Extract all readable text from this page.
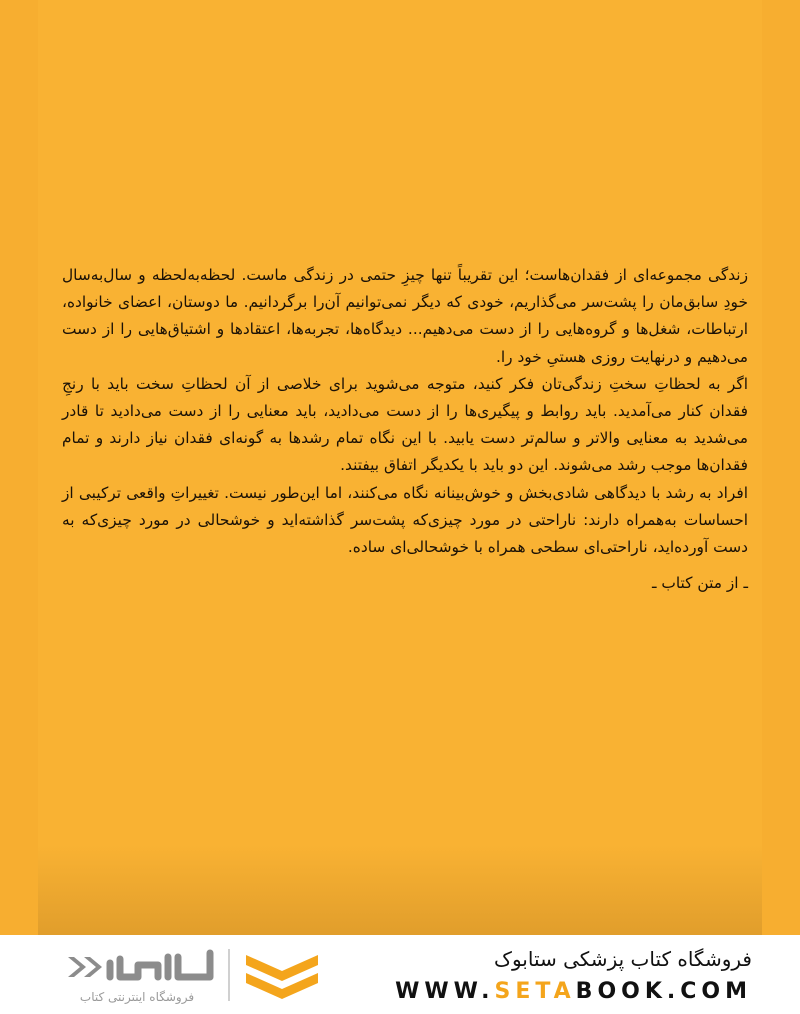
زندگی مجموعه‌ای از فقدان‌هاست؛ این تقریباً تنها چیزِ حتمی در زندگی ماست. لحظه‌به‌لحظه و سال‌به‌سال خودِ سابق‌مان را پشت‌سر می‌گذاریم، خودی که دیگر نمی‌توانیم آن‌را برگردانیم. ما دوستان، اعضای خانواده، ارتباطات، شغل‌ها و گروه‌هایی را از دست می‌دهیم... دیدگاه‌ها، تجربه‌ها، اعتقادها و اشتیاق‌هایی را از دست می‌دهیم و درنهایت روزی هستیِ خود را.

اگر به لحظاتِ سختِ زندگی‌تان فکر کنید، متوجه می‌شوید برای خلاصی از آن لحظاتِ سخت باید با رنجِ فقدان کنار می‌آمدید. باید روابط و پیگیری‌ها را از دست می‌دادید، باید معنایی را از دست می‌دادید تا قادر می‌شدید به معنایی والاتر و سالم‌تر دست یابید. با این نگاه تمام رشدها به گونه‌ای فقدان نیاز دارند و تمام فقدان‌ها موجب رشد می‌شوند. این دو باید با یکدیگر اتفاق بیفتند.

افراد به رشد با دیدگاهی شادی‌بخش و خوش‌بینانه نگاه می‌کنند، اما این‌طور نیست. تغییراتِ واقعی ترکیبی از احساسات به‌همراه دارند: ناراحتی در مورد چیزی‌که پشت‌سر گذاشته‌اید و خوشحالی در مورد چیزی‌که به دست آورده‌اید، ناراحتی‌ای سطحی همراه با خوشحالی‌ای ساده.

ـ از متن کتاب ـ

فروشگاه اینترنتی کتاب
فروشگاه کتاب پزشکی ستابوک
WWW.SETABOOK.COM
